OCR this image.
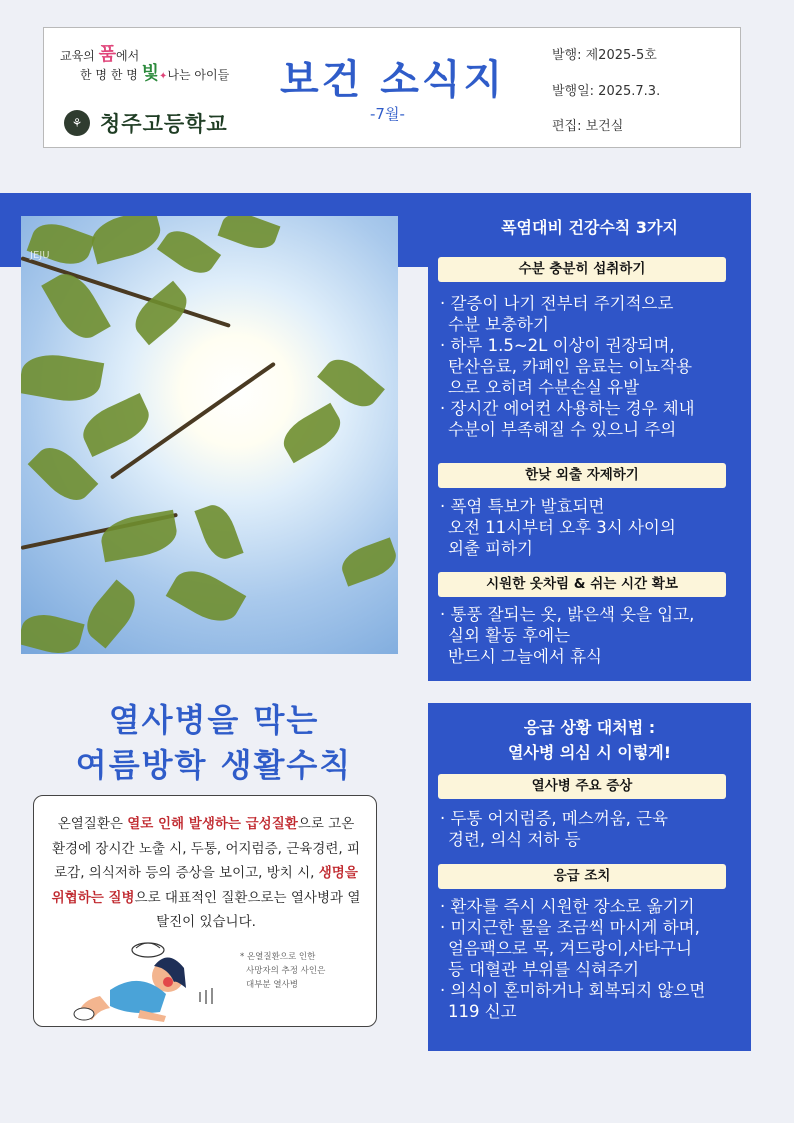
교육의 품에서
한 명 한 명 빛✦나는 아이들
⚘ 청주고등학교
보건 소식지
-7월-
발행: 제2025-5호
발행일: 2025.7.3.
편집: 보건실
JEJU
열사병을 막는
여름방학 생활수칙
온열질환은 열로 인해 발생하는 급성질환으로 고온 환경에 장시간 노출 시, 두통, 어지럼증, 근육경련, 피로감, 의식저하 등의 증상을 보이고, 방치 시, 생명을 위협하는 질병으로 대표적인 질환으로는 열사병과 열탈진이 있습니다.
* 온열질환으로 인한
사망자의 추정 사인은
대부분 열사병
폭염대비 건강수칙 3가지
수분 충분히 섭취하기
· 갈증이 나기 전부터 주기적으로
수분 보충하기
· 하루 1.5~2L 이상이 권장되며,
탄산음료, 카페인 음료는 이뇨작용
으로 오히려 수분손실 유발
· 장시간 에어컨 사용하는 경우 체내
수분이 부족해질 수 있으니 주의
한낮 외출 자제하기
· 폭염 특보가 발효되면
오전 11시부터 오후 3시 사이의
외출 피하기
시원한 옷차림 & 쉬는 시간 확보
· 통풍 잘되는 옷, 밝은색 옷을 입고,
실외 활동 후에는
반드시 그늘에서 휴식
응급 상황 대처법 :
열사병 의심 시 이렇게!
열사병 주요 증상
· 두통 어지럼증, 메스꺼움, 근육
경련, 의식 저하 등
응급 조치
· 환자를 즉시 시원한 장소로 옮기기
· 미지근한 물을 조금씩 마시게 하며,
얼음팩으로 목, 겨드랑이,사타구니
등 대혈관 부위를 식혀주기
· 의식이 혼미하거나 회복되지 않으면
119 신고
